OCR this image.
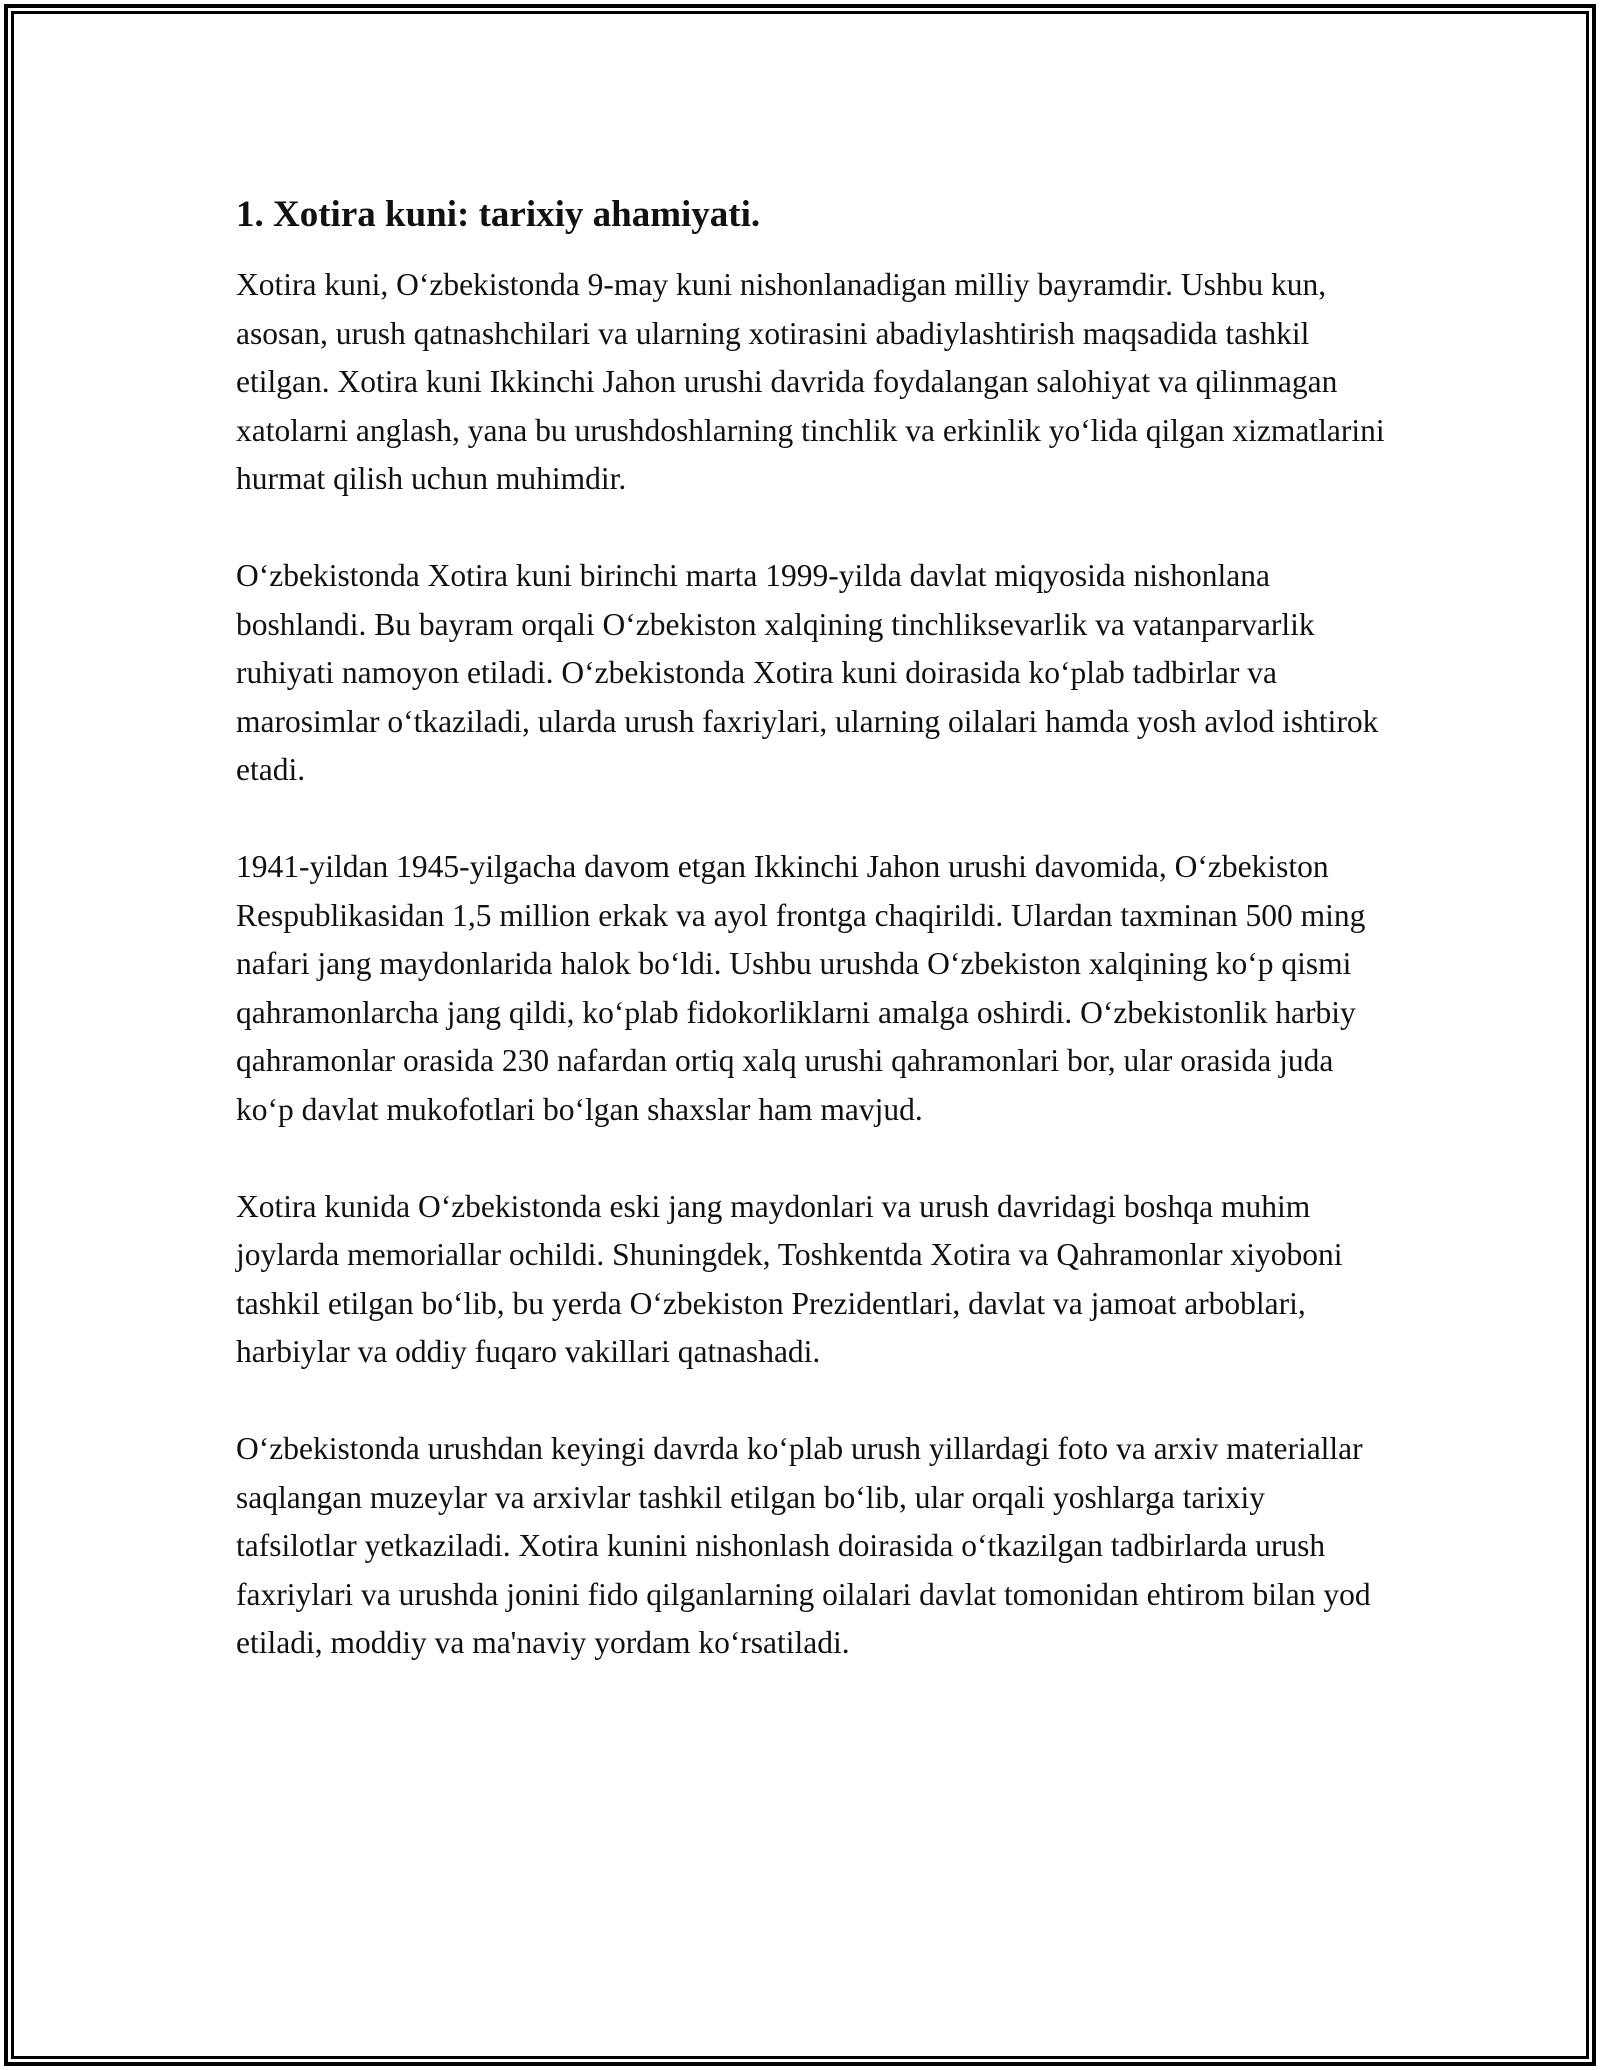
1. Xotira kuni: tarixiy ahamiyati.

Xotira kuni, O‘zbekistonda 9-may kuni nishonlanadigan milliy bayramdir. Ushbu kun, asosan, urush qatnashchilari va ularning xotirasini abadiylashtirish maqsadida tashkil etilgan. Xotira kuni Ikkinchi Jahon urushi davrida foydalangan salohiyat va qilinmagan xatolarni anglash, yana bu urushdoshlarning tinchlik va erkinlik yo‘lida qilgan xizmatlarini hurmat qilish uchun muhimdir.

O‘zbekistonda Xotira kuni birinchi marta 1999-yilda davlat miqyosida nishonlana boshlandi. Bu bayram orqali O‘zbekiston xalqining tinchliksevarlik va vatanparvarlik ruhiyati namoyon etiladi. O‘zbekistonda Xotira kuni doirasida ko‘plab tadbirlar va marosimlar o‘tkaziladi, ularda urush faxriylari, ularning oilalari hamda yosh avlod ishtirok etadi.

1941-yildan 1945-yilgacha davom etgan Ikkinchi Jahon urushi davomida, O‘zbekiston Respublikasidan 1,5 million erkak va ayol frontga chaqirildi. Ulardan taxminan 500 ming nafari jang maydonlarida halok bo‘ldi. Ushbu urushda O‘zbekiston xalqining ko‘p qismi qahramonlarcha jang qildi, ko‘plab fidokorliklarni amalga oshirdi. O‘zbekistonlik harbiy qahramonlar orasida 230 nafardan ortiq xalq urushi qahramonlari bor, ular orasida juda ko‘p davlat mukofotlari bo‘lgan shaxslar ham mavjud.

Xotira kunida O‘zbekistonda eski jang maydonlari va urush davridagi boshqa muhim joylarda memoriallar ochildi. Shuningdek, Toshkentda Xotira va Qahramonlar xiyoboni tashkil etilgan bo‘lib, bu yerda O‘zbekiston Prezidentlari, davlat va jamoat arboblari, harbiylar va oddiy fuqaro vakillari qatnashadi.

O‘zbekistonda urushdan keyingi davrda ko‘plab urush yillardagi foto va arxiv materiallar saqlangan muzeylar va arxivlar tashkil etilgan bo‘lib, ular orqali yoshlarga tarixiy tafsilotlar yetkaziladi. Xotira kunini nishonlash doirasida o‘tkazilgan tadbirlarda urush faxriylari va urushda jonini fido qilganlarning oilalari davlat tomonidan ehtirom bilan yod etiladi, moddiy va ma'naviy yordam ko‘rsatiladi.
